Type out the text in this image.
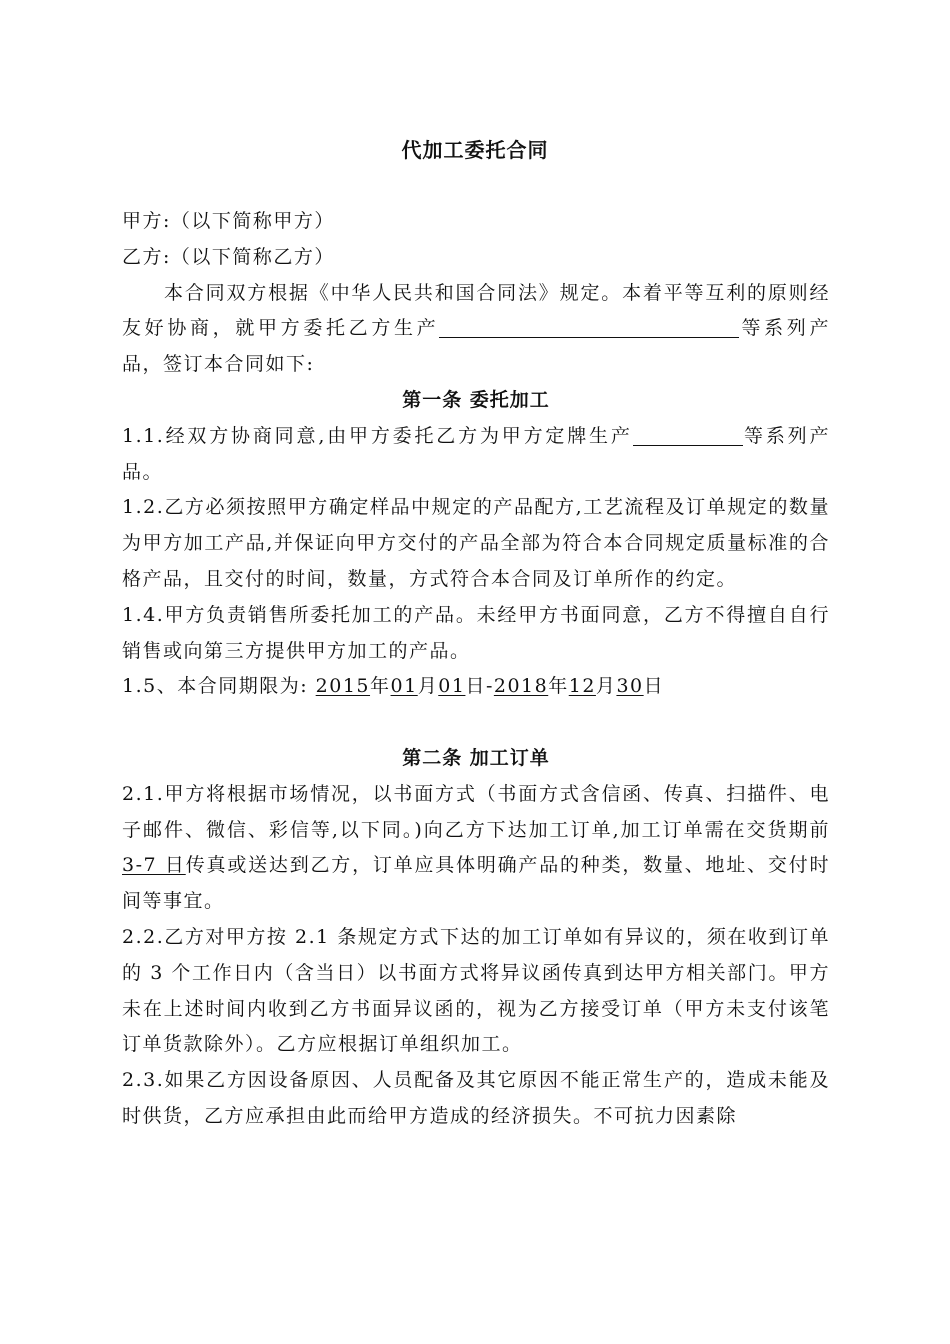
代加工委托合同

甲方:（以下简称甲方）

乙方:（以下简称乙方）

本合同双方根据《中华人民共和国合同法》规定。本着平等互利的原则经友好协商，就甲方委托乙方生产	等系列产品，签订本合同如下:

第一条 委托加工

1.1.经双方协商同意,由甲方委托乙方为甲方定牌生产	等系列产品。

1.2.乙方必须按照甲方确定样品中规定的产品配方,工艺流程及订单规定的数量为甲方加工产品,并保证向甲方交付的产品全部为符合本合同规定质量标准的合格产品，且交付的时间，数量，方式符合本合同及订单所作的约定。

1.4.甲方负责销售所委托加工的产品。未经甲方书面同意，乙方不得擅自自行销售或向第三方提供甲方加工的产品。

1.5、本合同期限为: 2015年01月01日-2018年12月30日

第二条 加工订单

2.1.甲方将根据市场情况，以书面方式（书面方式含信函、传真、扫描件、电子邮件、微信、彩信等,以下同。)向乙方下达加工订单,加工订单需在交货期前 3-7 日传真或送达到乙方，订单应具体明确产品的种类，数量、地址、交付时间等事宜。

2.2.乙方对甲方按 2.1 条规定方式下达的加工订单如有异议的，须在收到订单的 3 个工作日内（含当日）以书面方式将异议函传真到达甲方相关部门。甲方未在上述时间内收到乙方书面异议函的，视为乙方接受订单（甲方未支付该笔订单货款除外）。乙方应根据订单组织加工。

2.3.如果乙方因设备原因、人员配备及其它原因不能正常生产的，造成未能及时供货，乙方应承担由此而给甲方造成的经济损失。不可抗力因素除
